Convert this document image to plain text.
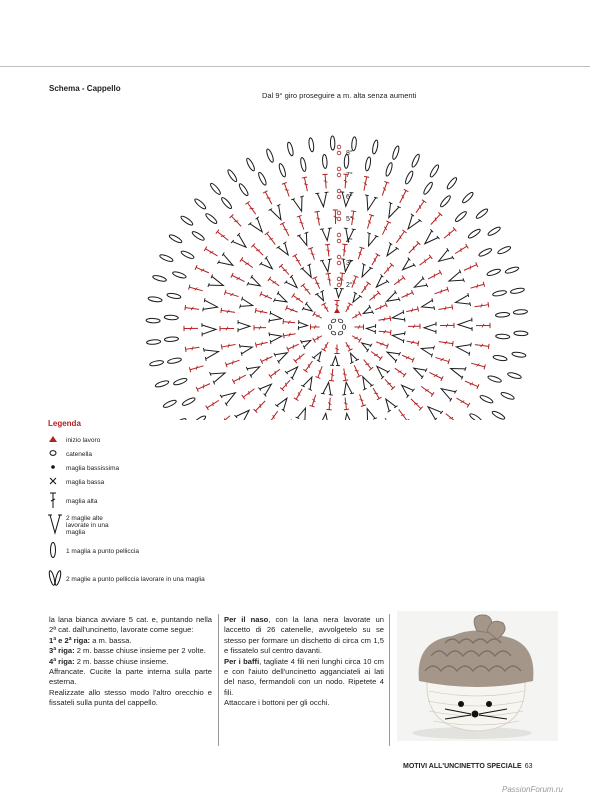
Schema - Cappello
Dal 9° giro proseguire a m. alta senza aumenti
2°
3°
4°
5°
6°
7°
8°
Legenda
inizio lavoro
catenella
maglia bassissima
maglia bassa
maglia alta
2 maglie alte lavorate in una maglia
1 maglia a punto pelliccia
2 maglie a punto pelliccia lavorare in una maglia

la lana bianca avviare 5 cat. e, puntando nella 2ª cat. dall'uncinetto, lavorate come segue:

1ª e 2ª riga: a m. bassa.

3ª riga: 2 m. basse chiuse insieme per 2 volte.

4ª riga: 2 m. basse chiuse insieme.

Affrancate. Cucite la parte interna sulla parte esterna.

Realizzate allo stesso modo l'altro orecchio e fissateli sulla punta del cappello.

Per il naso, con la lana nera lavorate un laccetto di 26 catenelle, avvolgetelo su se stesso per formare un dischetto di circa cm 1,5 e fissatelo sul centro davanti.

Per i baffi, tagliate 4 fili neri lunghi circa 10 cm e con l'aiuto dell'uncinetto agganciateli ai lati del naso, fermandoli con un nodo. Ripetete 4 fili.

Attaccare i bottoni per gli occhi.

MOTIVI ALL'UNCINETTO SPECIALE 63
PassionForum.ru
